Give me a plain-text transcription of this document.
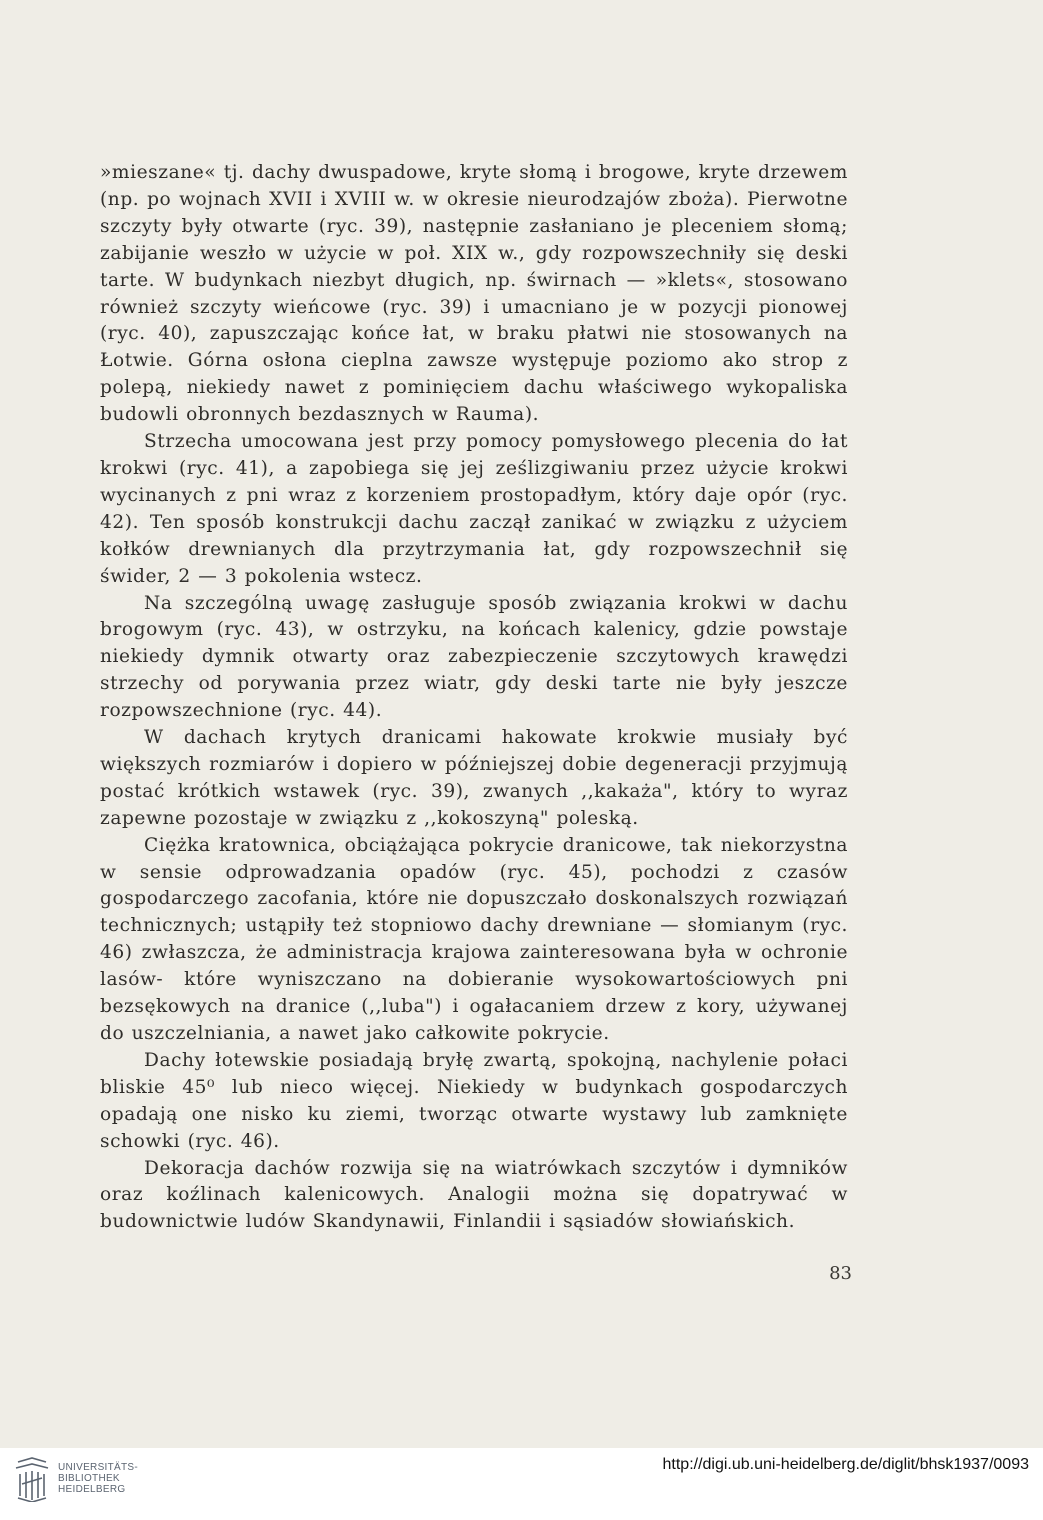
»mieszane« tj. dachy dwuspadowe, kryte słomą i brogowe, kryte drzewem (np. po wojnach XVII i XVIII w. w okresie nieurodzajów zboża). Pierwotne szczyty były otwarte (ryc. 39), następnie zasłaniano je pleceniem słomą; zabijanie weszło w użycie w poł. XIX w., gdy rozpowszechniły się deski tarte. W budynkach niezbyt długich, np. świrnach — »klets«, stosowano również szczyty wieńcowe (ryc. 39) i umacniano je w pozycji pionowej (ryc. 40), zapuszczając końce łat, w braku płatwi nie stosowanych na Łotwie. Górna osłona cieplna zawsze występuje poziomo ako strop z polepą, niekiedy nawet z pominięciem dachu właściwego wykopaliska budowli obronnych bezdasznych w Rauma).

Strzecha umocowana jest przy pomocy pomysłowego plecenia do łat krokwi (ryc. 41), a zapobiega się jej ześlizgiwaniu przez użycie krokwi wycinanych z pni wraz z korzeniem prostopadłym, który daje opór (ryc. 42). Ten sposób konstrukcji dachu zaczął zanikać w związku z użyciem kołków drewnianych dla przytrzymania łat, gdy rozpowszechnił się świder, 2 — 3 pokolenia wstecz.

Na szczególną uwagę zasługuje sposób związania krokwi w dachu brogowym (ryc. 43), w ostrzyku, na końcach kalenicy, gdzie powstaje niekiedy dymnik otwarty oraz zabezpieczenie szczytowych krawędzi strzechy od porywania przez wiatr, gdy deski tarte nie były jeszcze rozpowszechnione (ryc. 44).

W dachach krytych dranicami hakowate krokwie musiały być większych rozmiarów i dopiero w późniejszej dobie degeneracji przyjmują postać krótkich wstawek (ryc. 39), zwanych ,,kakaża", który to wyraz zapewne pozostaje w związku z ,,kokoszyną" poleską.

Ciężka kratownica, obciążająca pokrycie dranicowe, tak niekorzystna w sensie odprowadzania opadów (ryc. 45), pochodzi z czasów gospodarczego zacofania, które nie dopuszczało doskonalszych rozwiązań technicznych; ustąpiły też stopniowo dachy drewniane — słomianym (ryc. 46) zwłaszcza, że administracja krajowa zainteresowana była w ochronie lasów- które wyniszczano na dobieranie wysokowartościowych pni bezsękowych na dranice (,,luba") i ogałacaniem drzew z kory, używanej do uszczelniania, a nawet jako całkowite pokrycie.

Dachy łotewskie posiadają bryłę zwartą, spokojną, nachylenie połaci bliskie 45⁰ lub nieco więcej. Niekiedy w budynkach gospodarczych opadają one nisko ku ziemi, tworząc otwarte wystawy lub zamknięte schowki (ryc. 46).

Dekoracja dachów rozwija się na wiatrówkach szczytów i dymników oraz koźlinach kalenicowych. Analogii można się dopatrywać w budownictwie ludów Skandynawii, Finlandii i sąsiadów słowiańskich.

83
UNIVERSITÄTS-
BIBLIOTHEK
HEIDELBERG
http://digi.ub.uni-heidelberg.de/diglit/bhsk1937/0093
